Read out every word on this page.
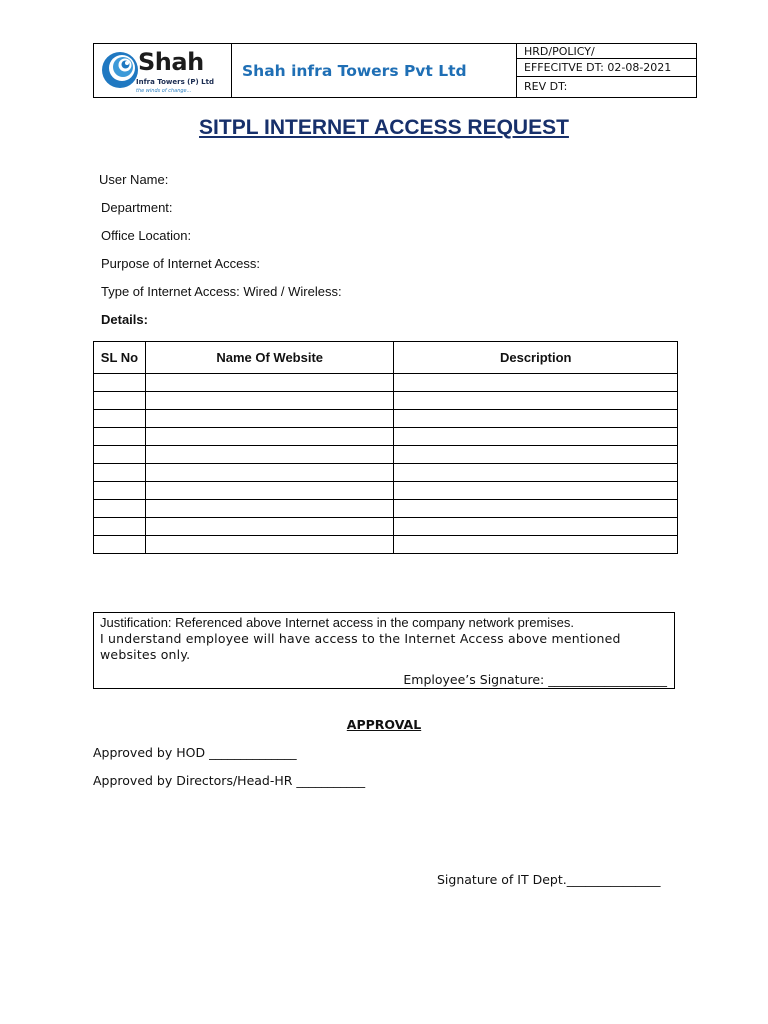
Shah
Infra Towers (P) Ltd
the winds of change...
Shah infra Towers Pvt Ltd
HRD/POLICY/
EFFECITVE DT: 02-08-2021
REV DT:
SITPL INTERNET ACCESS REQUEST
User Name:
Department:
Office Location:
Purpose of Internet Access:
Type of Internet Access: Wired / Wireless:
Details:
SL No	Name Of Website	Description

Justification: Referenced above Internet access in the company network premises.
I understand employee will have access to the Internet Access above mentioned websites only.
Employee’s Signature: ___________________
APPROVAL
Approved by HOD ______________
Approved by Directors/Head-HR ___________
Signature of IT Dept._______________
